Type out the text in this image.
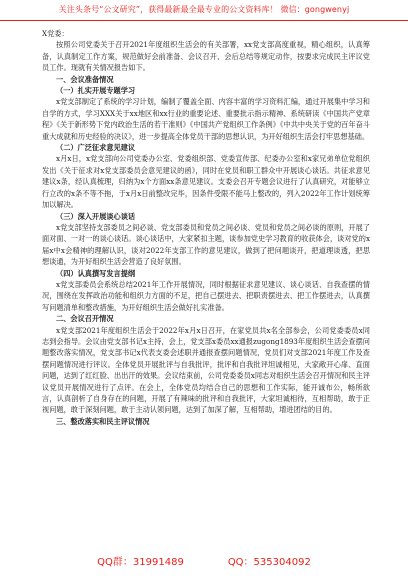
关注头条号“公文研究”，获得最新最全最专业的公文资料库！ 微信：gongwenyj

X党委：

按照公司党委关于召开2021年度组织生活会的有关部署，xx党支部高度重视，精心组织，认真筹备，认真制定工作方案，规范做好会前准备、会议召开、会后总结等规定动作，按要求完成民主评议党员工作。现就有关情况报告如下。

一、会议准备情况

（一）扎实开展专题学习

x党支部制定了系统的学习计划，编制了覆盖全面、内容丰富的学习资料汇编，通过开展集中学习和自学的方式，学习XXX关于xx地区和xx行业的重要论述、重要批示指示精神、系统研读《中国共产党章程》《关于新形势下党内政治生活的若干准则》《中国共产党组织工作条例》《中共中央关于党的百年奋斗重大成就和历史经验的决议》，进一步提高全体党员干部的思想认识，为开好组织生活会打牢思想基础。

（二）广泛征求意见建议

x月x日，x党支部向公司党委办公室、党委组织部、党委宣传部、纪委办公室和x家兄弟单位党组织发出《关于征求对x党支部委员会意见建议的函》，同时在党员和职工群众中开展谈心谈话。共征求意见建议x条，经认真梳理，归纳为x个方面xx条意见建议。支委会召开专题会议进行了认真研究，对能够立行立改的x条不等不拖，于x月x日前整改完毕，因条件受限不能马上整改的，列入2022年工作计划统筹加以解决。

（三）深入开展谈心谈话

x党支部坚持支部委员之间必谈、党支部委员和党员之间必谈、党员和党员之间必谈的原则，开展了面对面、一对一的谈心谈话。谈心谈话中，大家紧扣主题，谈参加党史学习教育的收获体会，谈对党的x届x中x会精神的理解认识，谈对2022年支部工作的意见建议，做到了把问题谈开，把道理谈透，把思想谈通，为开好组织生活会营造了良好氛围。

（四）认真撰写发言提纲

x党支部委员会系统总结2021年工作开展情况，同时根据征求意见建议、谈心谈话、自我查摆的情况，围绕在发挥政治功能和组织力方面的不足，把自己摆进去、把职责摆进去、把工作摆进去，认真撰写问题清单和整改措施，为开好组织生活会做好扎实准备。

二、会议召开情况

x党支部2021年度组织生活会于2022年x月x日召开，在家党员共x名全部参会，公司党委委员x同志到会指导。会议由党支部书记x主持，会上，党支部x委员xx通报zugong1893年度组织生活会查摆问题整改落实情况，党支部书记x代表支委会述职并通报查摆问题情况，党员们对支部2021年度工作及查摆问题情况进行评议。全体党员开展批评与自我批评，批评和自我批评坦诚相见，大家敞开心扉、直面问题，达到了红红脸、出出汗的效果。会议结束前，公司党委委员x同志对组织生活会召开情况和民主评议党员开展情况进行了点评。在会上，全体党员均结合自己的思想和工作实际，能开诚布公，畅所欲言，认真剖析了自身存在的问题，开展了有辣味的批评和自我批评，大家坦诚相待，互相帮助，敢于正视问题，敢于深刻问题，敢于主动认领问题，达到了加深了解，互相帮助，增进团结的目的。

三、整改落实和民主评议情况

QQ群：31991489	QQ：535304092
